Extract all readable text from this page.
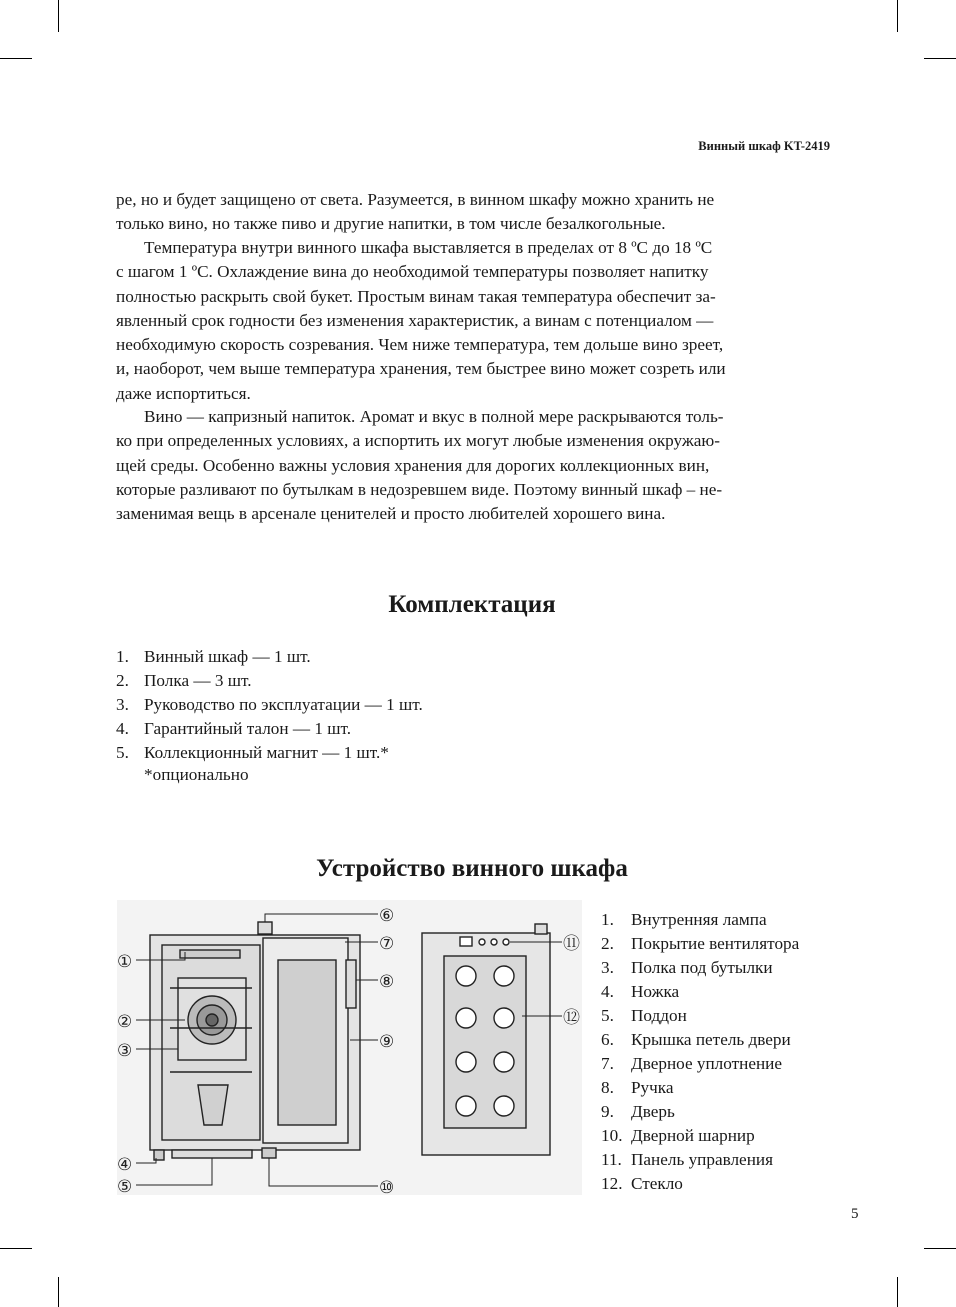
Винный шкаф KT-2419

ре, но и будет защищено от света. Разумеется, в винном шкафу можно хранить не
только вино, но также пиво и другие напитки, в том числе безалкогольные.

Температура внутри винного шкафа выставляется в пределах от 8 ºС до 18 ºС
с шагом 1 ºС. Охлаждение вина до необходимой температуры позволяет напитку
полностью раскрыть свой букет. Простым винам такая температура обеспечит за-
явленный срок годности без изменения характеристик, а винам с потенциалом —
необходимую скорость созревания. Чем ниже температура, тем дольше вино зреет,
и, наоборот, чем выше температура хранения, тем быстрее вино может созреть или
даже испортиться.

Вино — капризный напиток. Аромат и вкус в полной мере раскрываются толь-
ко при определенных условиях, а испортить их могут любые изменения окружаю-
щей среды. Особенно важны условия хранения для дорогих коллекционных вин,
которые разливают по бутылкам в недозревшем виде. Поэтому винный шкаф – не-
заменимая вещь в арсенале ценителей и просто любителей хорошего вина.

Комплектация
1. Винный шкаф — 1 шт.
2. Полка — 3 шт.
3. Руководство по эксплуатации — 1 шт.
4. Гарантийный талон — 1 шт.
5. Коллекционный магнит — 1 шт.*
*опционально
Устройство винного шкафа
①
②
③
④
⑤
⑥
⑦
⑧
⑨
⑩
⑪
⑫
1. Внутренняя лампа
2. Покрытие вентилятора
3. Полка под бутылки
4. Ножка
5. Поддон
6. Крышка петель двери
7. Дверное уплотнение
8. Ручка
9. Дверь
10. Дверной шарнир
11. Панель управления
12. Стекло
5
